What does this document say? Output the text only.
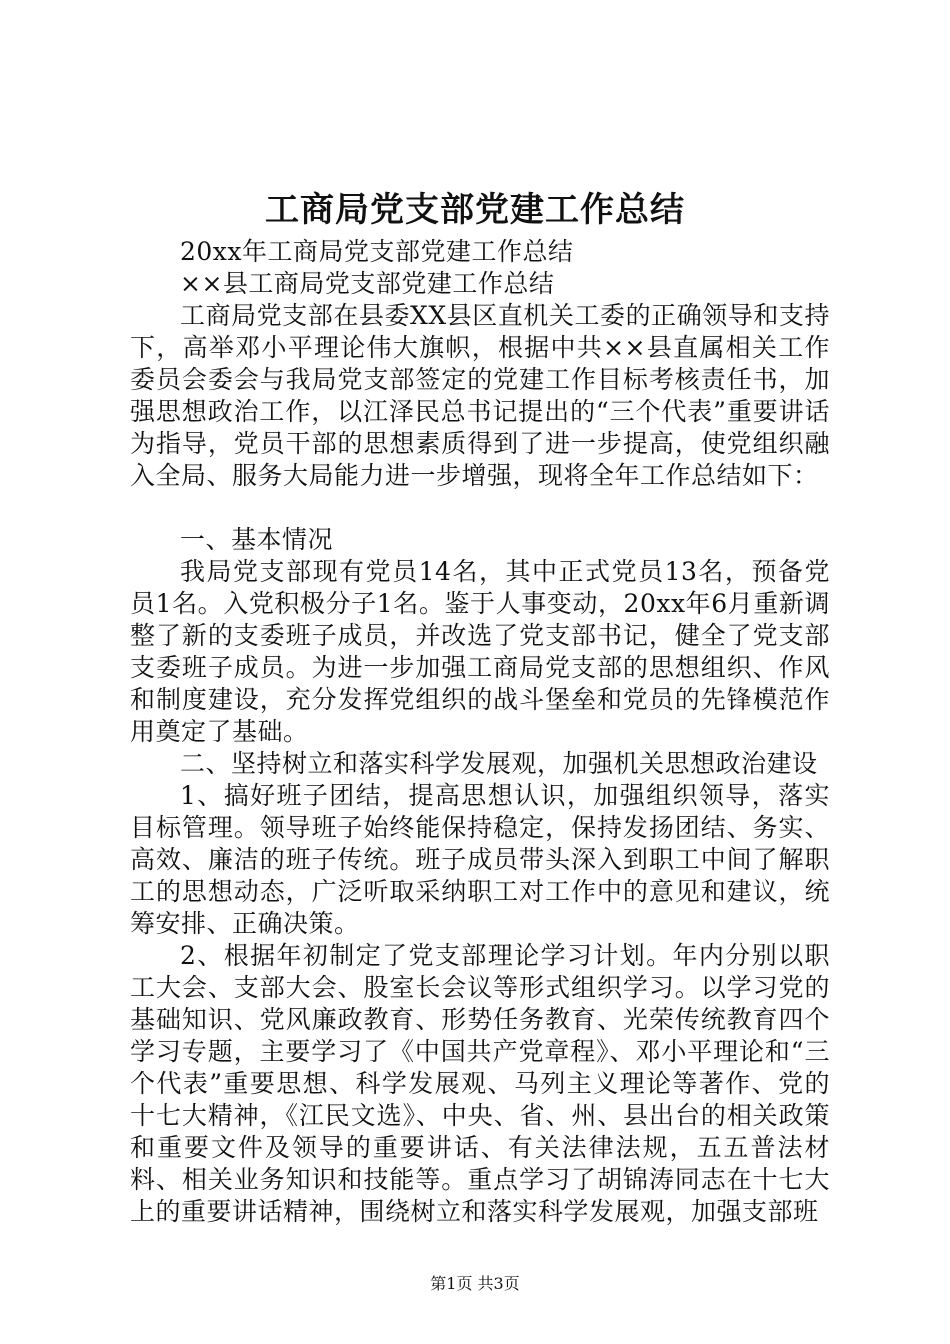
工商局党支部党建工作总结

20xx年工商局党支部党建工作总结

××县工商局党支部党建工作总结

工商局党支部在县委XX县区直机关工委的正确领导和支持下，高举邓小平理论伟大旗帜，根据中共××县直属相关工作委员会委会与我局党支部签定的党建工作目标考核责任书，加强思想政治工作，以江泽民总书记提出的“三个代表”重要讲话为指导，党员干部的思想素质得到了进一步提高，使党组织融入全局、服务大局能力进一步增强，现将全年工作总结如下：

一、基本情况

我局党支部现有党员14名，其中正式党员13名，预备党员1名。入党积极分子1名。鉴于人事变动，20xx年6月重新调整了新的支委班子成员，并改选了党支部书记，健全了党支部支委班子成员。为进一步加强工商局党支部的思想组织、作风和制度建设，充分发挥党组织的战斗堡垒和党员的先锋模范作用奠定了基础。

二、坚持树立和落实科学发展观，加强机关思想政治建设

1、搞好班子团结，提高思想认识，加强组织领导，落实目标管理。领导班子始终能保持稳定，保持发扬团结、务实、高效、廉洁的班子传统。班子成员带头深入到职工中间了解职工的思想动态，广泛听取采纳职工对工作中的意见和建议，统筹安排、正确决策。

2、根据年初制定了党支部理论学习计划。年内分别以职工大会、支部大会、股室长会议等形式组织学习。以学习党的基础知识、党风廉政教育、形势任务教育、光荣传统教育四个学习专题，主要学习了《中国共产党章程》、邓小平理论和“三个代表”重要思想、科学发展观、马列主义理论等著作、党的十七大精神，《江民文选》、中央、省、州、县出台的相关政策和重要文件及领导的重要讲话、有关法律法规，五五普法材料、相关业务知识和技能等。重点学习了胡锦涛同志在十七大上的重要讲话精神，围绕树立和落实科学发展观，加强支部班

第1页 共3页
